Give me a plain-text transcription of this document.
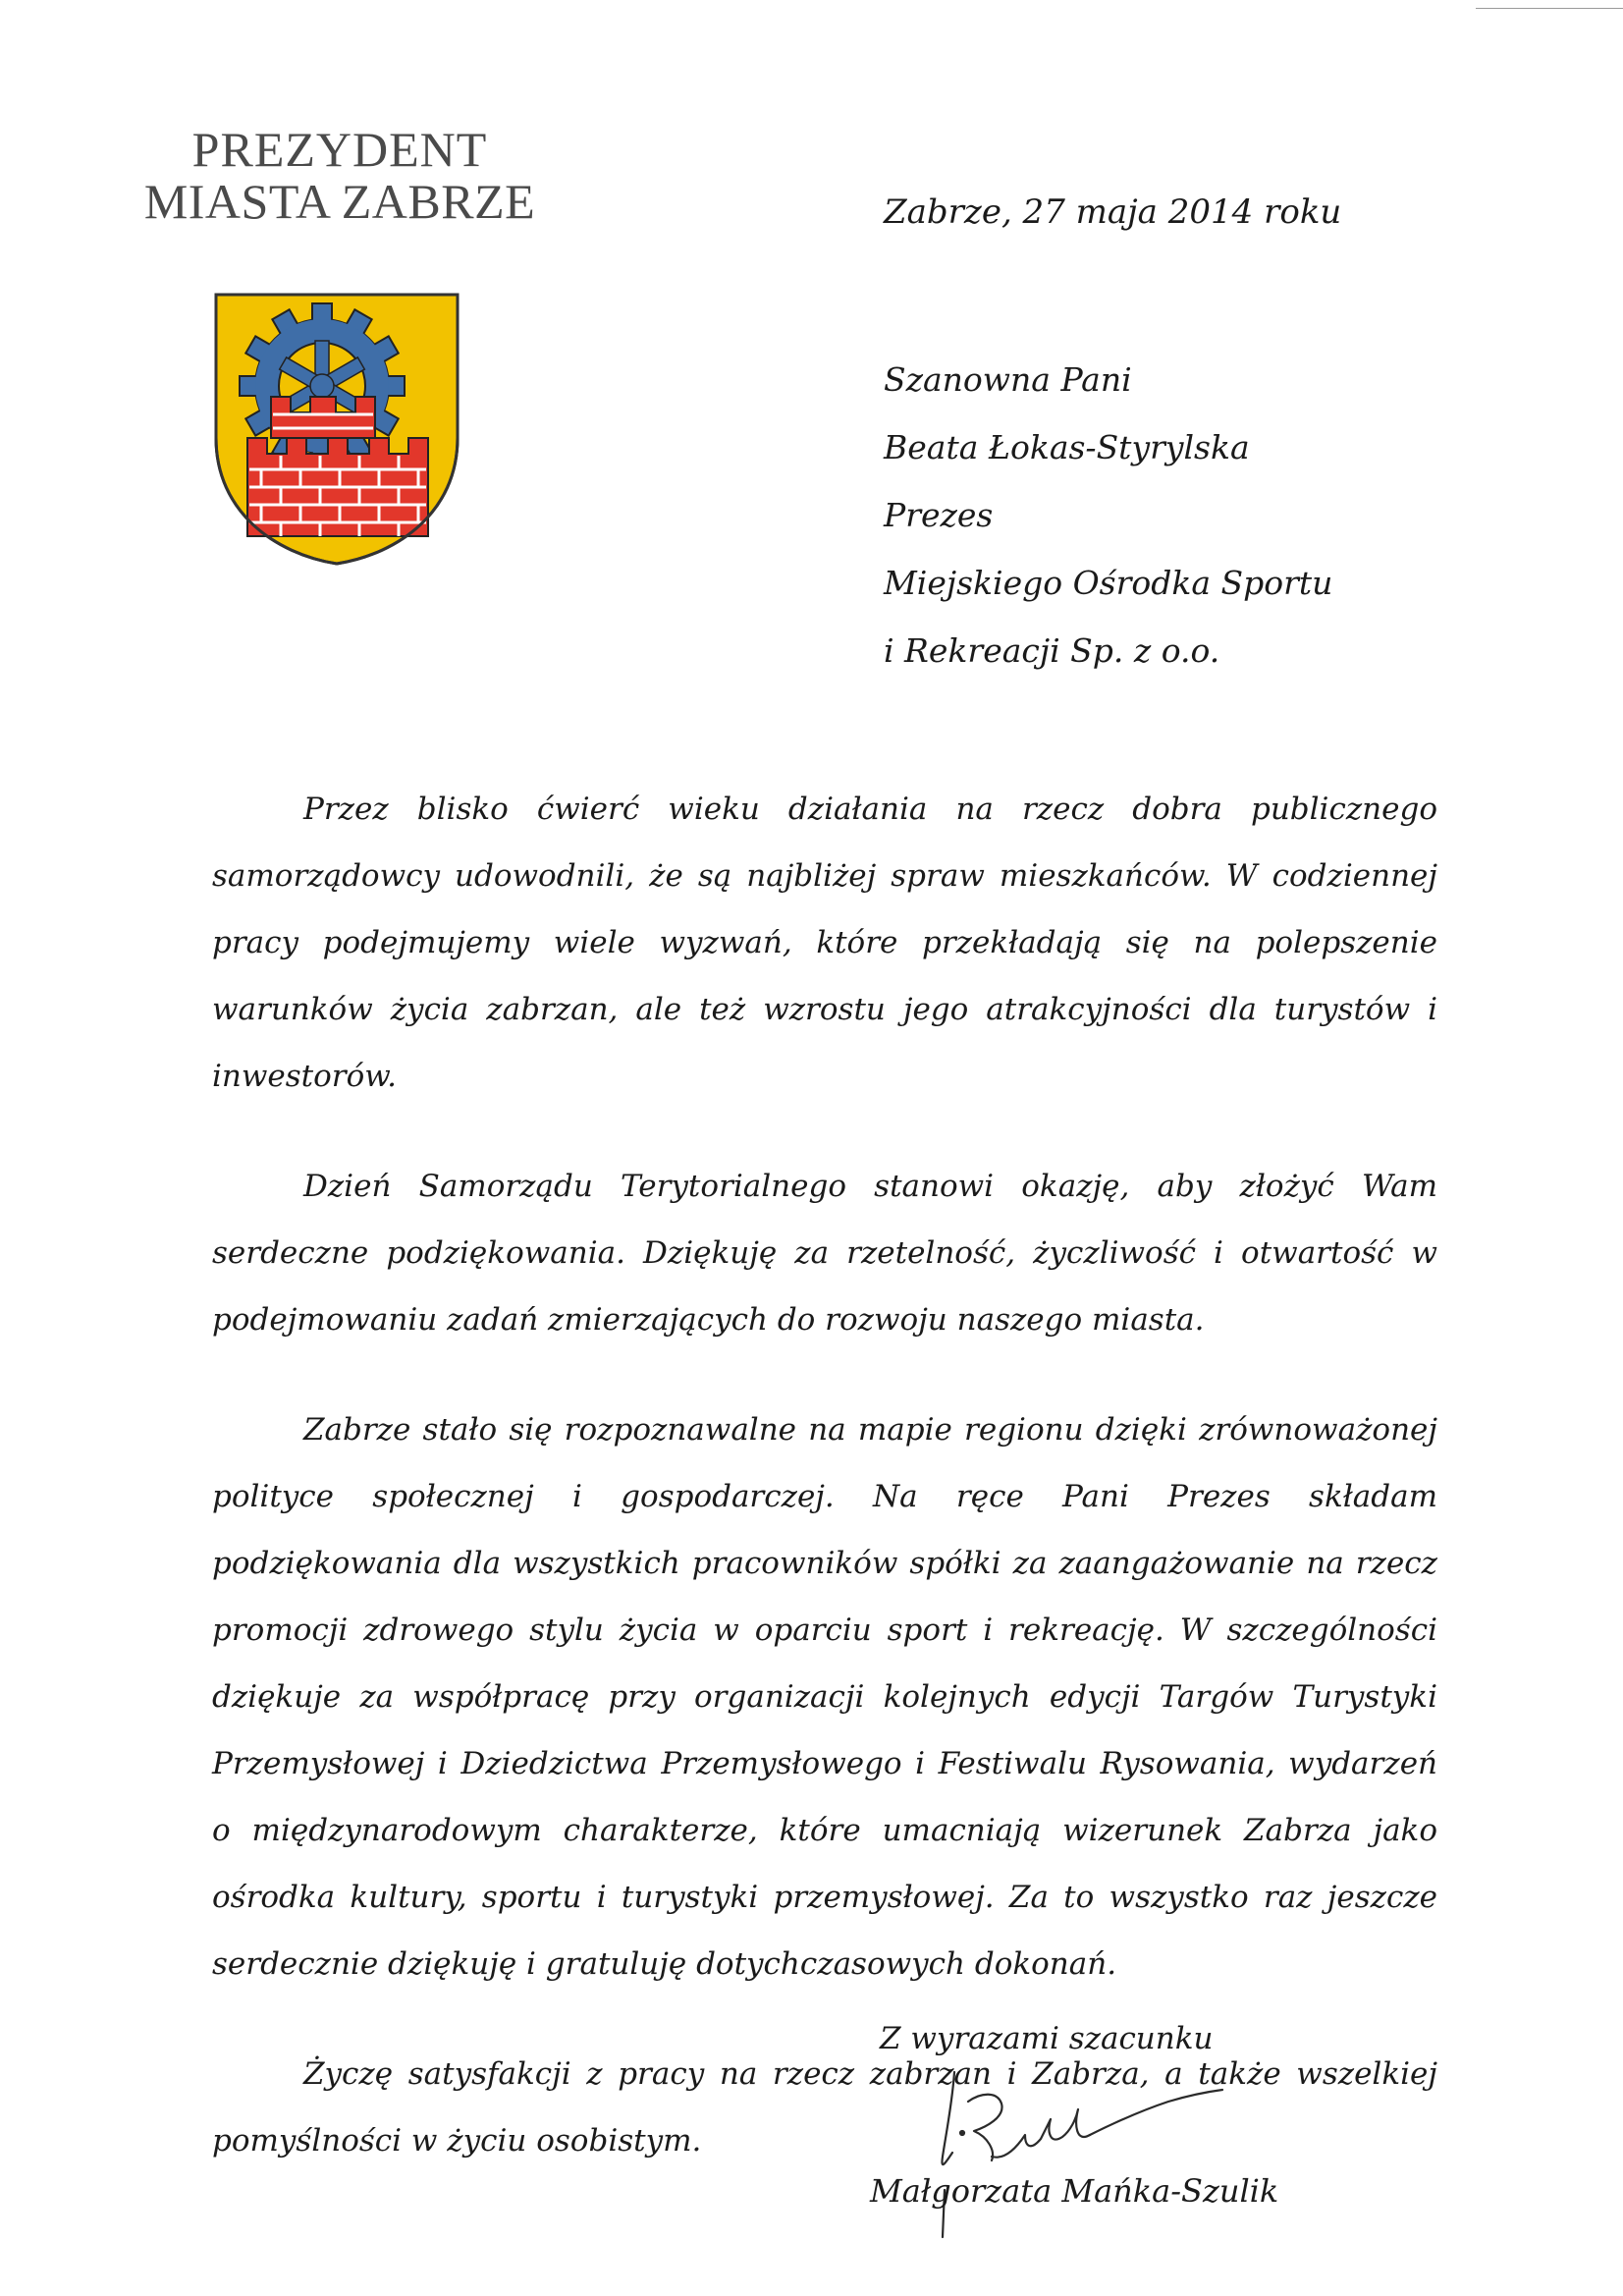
PREZYDENT
MIASTA ZABRZE	Zabrze, 27 maja 2014 roku
Szanowna Pani
Beata Łokas-Styrylska
Prezes
Miejskiego Ośrodka Sportu
i Rekreacji Sp. z o.o.

Przez blisko ćwierć wieku działania na rzecz dobra publicznego samorządowcy udowodnili, że są najbliżej spraw mieszkańców. W codziennej pracy podejmujemy wiele wyzwań, które przekładają się na polepszenie warunków życia zabrzan, ale też wzrostu jego atrakcyjności dla turystów i inwestorów.

Dzień Samorządu Terytorialnego stanowi okazję, aby złożyć Wam serdeczne podziękowania. Dziękuję za rzetelność, życzliwość i otwartość w podejmowaniu zadań zmierzających do rozwoju naszego miasta.

Zabrze stało się rozpoznawalne na mapie regionu dzięki zrównoważonej polityce społecznej i gospodarczej. Na ręce Pani Prezes składam podziękowania dla wszystkich pracowników spółki za zaangażowanie na rzecz promocji zdrowego stylu życia w oparciu sport i rekreację. W szczególności dziękuje za współpracę przy organizacji kolejnych edycji Targów Turystyki Przemysłowej i Dziedzictwa Przemysłowego i Festiwalu Rysowania, wydarzeń o międzynarodowym charakterze, które umacniają wizerunek Zabrza jako ośrodka kultury, sportu i turystyki przemysłowej. Za to wszystko raz jeszcze serdecznie dziękuję i gratuluję dotychczasowych dokonań.

Życzę satysfakcji z pracy na rzecz zabrzan i Zabrza, a także wszelkiej pomyślności w życiu osobistym.

Z wyrazami szacunku
Małgorzata Mańka-Szulik
